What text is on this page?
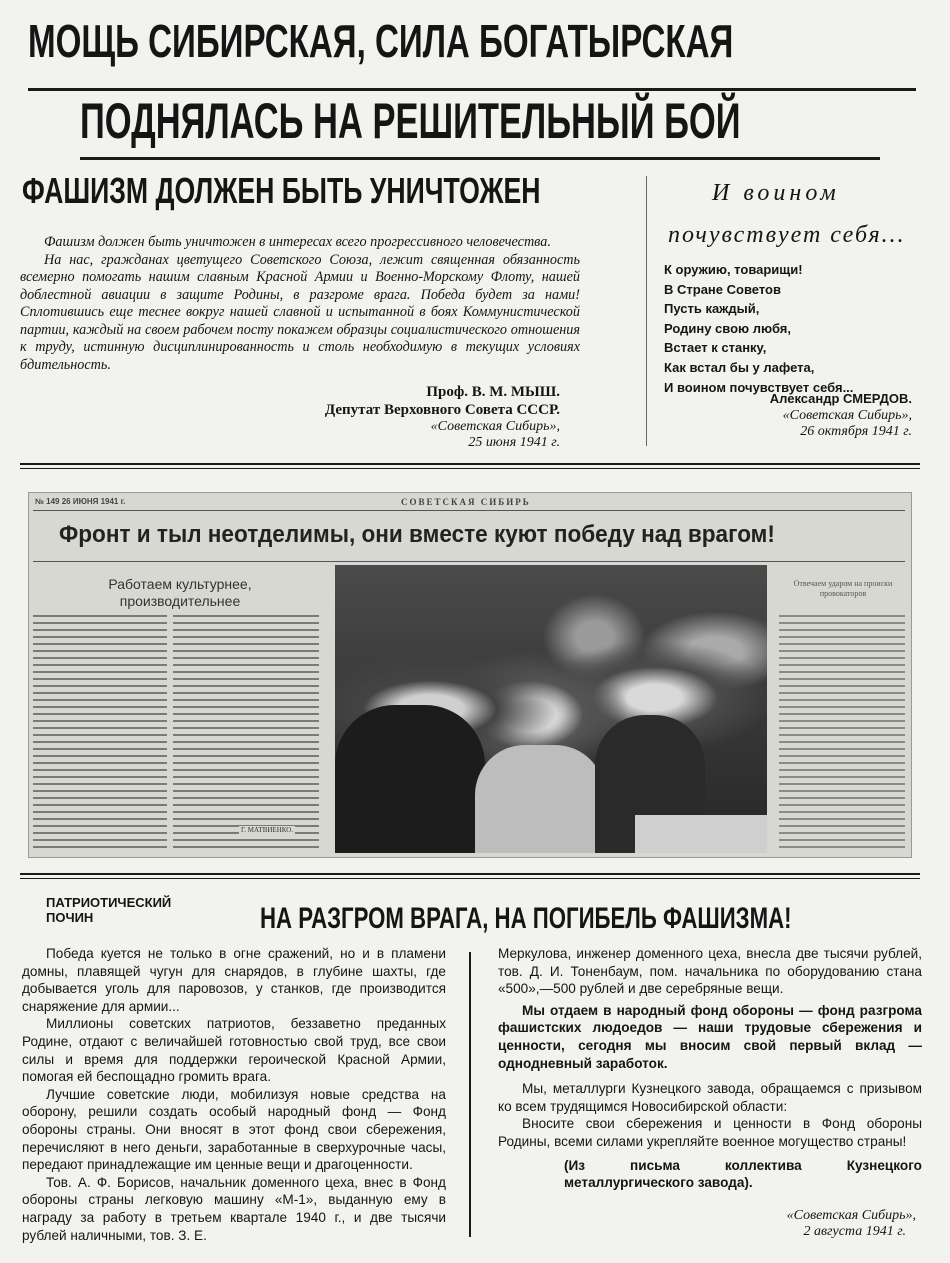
МОЩЬ СИБИРСКАЯ, СИЛА БОГАТЫРСКАЯ
ПОДНЯЛАСЬ НА РЕШИТЕЛЬНЫЙ БОЙ
ФАШИЗМ ДОЛЖЕН БЫТЬ УНИЧТОЖЕН

Фашизм должен быть уничтожен в интересах всего прогрессивного человечества.

На нас, гражданах цветущего Советского Союза, лежит священная обязанность всемерно помогать нашим славным Красной Армии и Военно-Морскому Флоту, нашей доблестной авиации в защите Родины, в разгроме врага. Победа будет за нами! Сплотившись еще теснее вокруг нашей славной и испытанной в боях Коммунистической партии, каждый на своем рабочем посту покажем образцы социалистического отношения к труду, истинную дисциплинированность и столь необходимую в текущих условиях бдительность.

Проф. В. М. МЫШ.
Депутат Верховного Совета СССР.
«Советская Сибирь»,
25 июня 1941 г.
И воином
почувствует себя...
К оружию, товарищи!
В Стране Советов
Пусть каждый,
Родину свою любя,
Встает к станку,
Как встал бы у лафета,
И воином почувствует себя...
Александр СМЕРДОВ.
«Советская Сибирь»,
26 октября 1941 г.
№ 149 26 ИЮНЯ 1941 г.	СОВЕТСКАЯ СИБИРЬ
Фронт и тыл неотделимы, они вместе куют победу над врагом!
Работаем культурнее, производительнее
Г. МАТВИЕНКО.
Отвечаем ударом на происки провокаторов
ПАТРИОТИЧЕСКИЙ ПОЧИН	НА РАЗГРОМ ВРАГА, НА ПОГИБЕЛЬ ФАШИЗМА!

Победа куется не только в огне сражений, но и в пламени домны, плавящей чугун для снарядов, в глубине шахты, где добывается уголь для паровозов, у станков, где производится снаряжение для армии...

Миллионы советских патриотов, беззаветно преданных Родине, отдают с величайшей готовностью свой труд, все свои силы и время для поддержки героической Красной Армии, помогая ей беспощадно громить врага.

Лучшие советские люди, мобилизуя новые средства на оборону, решили создать особый народный фонд — Фонд обороны страны. Они вносят в этот фонд свои сбережения, перечисляют в него деньги, заработанные в сверхурочные часы, передают принадлежащие им ценные вещи и драгоценности.

Тов. А. Ф. Борисов, начальник доменного цеха, внес в Фонд обороны страны легковую машину «М-1», выданную ему в награду за работу в третьем квартале 1940 г., и две тысячи рублей наличными, тов. З. Е.

Меркулова, инженер доменного цеха, внесла две тысячи рублей, тов. Д. И. Тоненбаум, пом. начальника по оборудованию стана «500»,—500 рублей и две серебряные вещи.

Мы отдаем в народный фонд обороны — фонд разгрома фашистских людоедов — наши трудовые сбережения и ценности, сегодня мы вносим свой первый вклад — однодневный заработок.

Мы, металлурги Кузнецкого завода, обращаемся с призывом ко всем трудящимся Новосибирской области:

Вносите свои сбережения и ценности в Фонд обороны Родины, всеми силами укрепляйте военное могущество страны!

(Из письма коллектива Кузнецкого металлургического завода).

«Советская Сибирь»,
2 августа 1941 г.
